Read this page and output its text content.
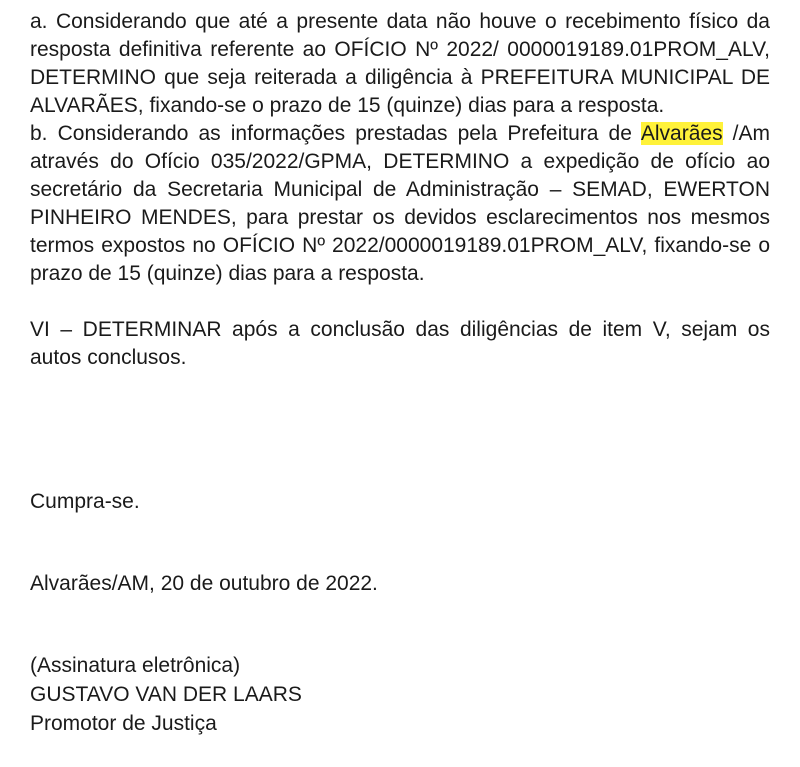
a. Considerando que até a presente data não houve o recebimento físico da resposta definitiva referente ao OFÍCIO Nº 2022/ 0000019189.01PROM_ALV, DETERMINO que seja reiterada a diligência à PREFEITURA MUNICIPAL DE ALVARÃES, fixando-se o prazo de 15 (quinze) dias para a resposta.

b. Considerando as informações prestadas pela Prefeitura de Alvarães /Am através do Ofício 035/2022/GPMA, DETERMINO a expedição de ofício ao secretário da Secretaria Municipal de Administração – SEMAD, EWERTON PINHEIRO MENDES, para prestar os devidos esclarecimentos nos mesmos termos expostos no OFÍCIO Nº 2022/0000019189.01PROM_ALV, fixando-se o prazo de 15 (quinze) dias para a resposta.

VI – DETERMINAR após a conclusão das diligências de item V, sejam os autos conclusos.

Cumpra-se.
Alvarães/AM, 20 de outubro de 2022.
(Assinatura eletrônica)
GUSTAVO VAN DER LAARS
Promotor de Justiça
